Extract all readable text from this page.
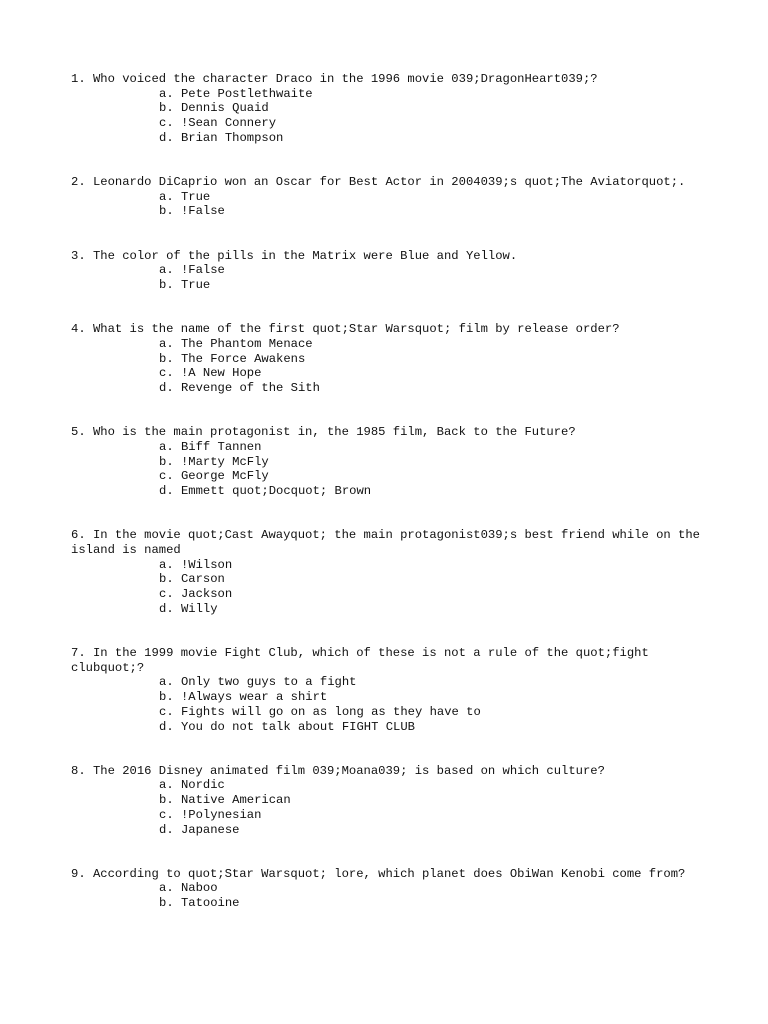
1. Who voiced the character Draco in the 1996 movie 039;DragonHeart039;?

a. Pete Postlethwaite
b. Dennis Quaid
c. !Sean Connery
d. Brian Thompson

2. Leonardo DiCaprio won an Oscar for Best Actor in 2004039;s quot;The Aviatorquot;.

a. True
b. !False

3. The color of the pills in the Matrix were Blue and Yellow.

a. !False
b. True

4. What is the name of the first quot;Star Warsquot; film by release order?

a. The Phantom Menace
b. The Force Awakens
c. !A New Hope
d. Revenge of the Sith

5. Who is the main protagonist in, the 1985 film, Back to the Future?

a. Biff Tannen
b. !Marty McFly
c. George McFly
d. Emmett quot;Docquot; Brown

6. In the movie quot;Cast Awayquot; the main protagonist039;s best friend while on the island is named

a. !Wilson
b. Carson
c. Jackson
d. Willy

7. In the 1999 movie Fight Club, which of these is not a rule of the quot;fight clubquot;?

a. Only two guys to a fight
b. !Always wear a shirt
c. Fights will go on as long as they have to
d. You do not talk about FIGHT CLUB

8. The 2016 Disney animated film 039;Moana039; is based on which culture?

a. Nordic
b. Native American
c. !Polynesian
d. Japanese

9. According to quot;Star Warsquot; lore, which planet does ObiWan Kenobi come from?

a. Naboo
b. Tatooine
